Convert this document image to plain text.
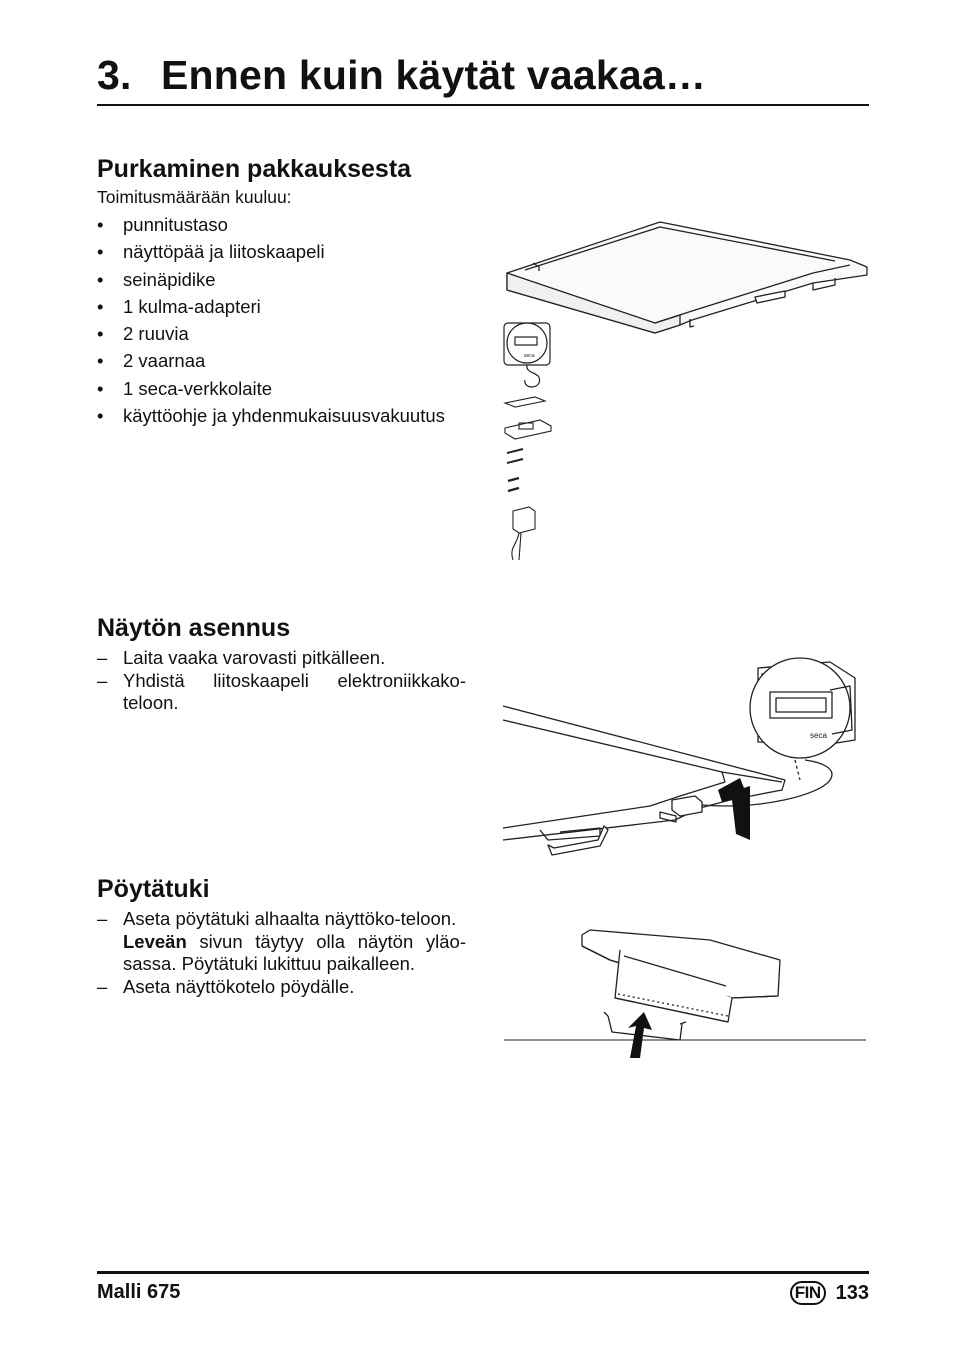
3. Ennen kuin käytät vaakaa…
Purkaminen pakkauksesta
Toimitusmäärään kuuluu:
• punnitustaso
• näyttöpää ja liitoskaapeli
• seinäpidike
• 1 kulma-adapteri
• 2 ruuvia
• 2 vaarnaa
• 1 seca-verkkolaite
• käyttöohje ja yhdenmukaisuusvakuutus
seca
Näytön asennus
– Laita vaaka varovasti pitkälleen.
– Yhdistä liitoskaapeli elektroniikkako-teloon.
seca
Pöytätuki
– Aseta pöytätuki alhaalta näyttöko-teloon.
Leveän sivun täytyy olla näytön yläo-sassa. Pöytätuki lukittuu paikalleen.
– Aseta näyttökotelo pöydälle.
Malli 675	FIN 133
